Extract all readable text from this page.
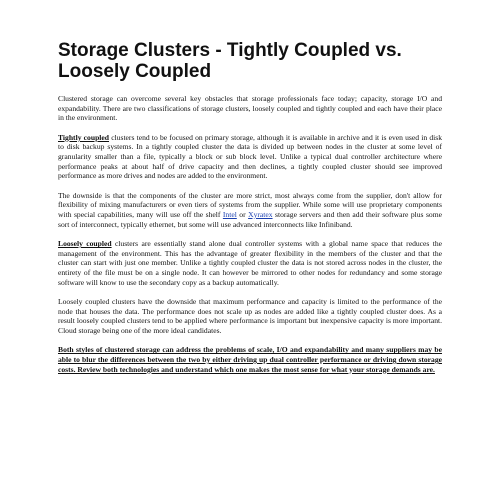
Storage Clusters - Tightly Coupled vs. Loosely Coupled

Clustered storage can overcome several key obstacles that storage professionals face today; capacity, storage I/O and expandability. There are two classifications of storage clusters, loosely coupled and tightly coupled and each have their place in the environment.

Tightly coupled clusters tend to be focused on primary storage, although it is available in archive and it is even used in disk to disk backup systems. In a tightly coupled cluster the data is divided up between nodes in the cluster at some level of granularity smaller than a file, typically a block or sub block level. Unlike a typical dual controller architecture where performance peaks at about half of drive capacity and then declines, a tightly coupled cluster should see improved performance as more drives and nodes are added to the environment.

The downside is that the components of the cluster are more strict, most always come from the supplier, don't allow for flexibility of mixing manufacturers or even tiers of systems from the supplier. While some will use proprietary components with special capabilities, many will use off the shelf Intel or Xyratex storage servers and then add their software plus some sort of interconnect, typically ethernet, but some will use advanced interconnects like Infiniband.

Loosely coupled clusters are essentially stand alone dual controller systems with a global name space that reduces the management of the environment. This has the advantage of greater flexibility in the members of the cluster and that the cluster can start with just one member. Unlike a tightly coupled cluster the data is not stored across nodes in the cluster, the entirety of the file must be on a single node. It can however be mirrored to other nodes for redundancy and some storage software will know to use the secondary copy as a backup automatically.

Loosely coupled clusters have the downside that maximum performance and capacity is limited to the performance of the node that houses the data. The performance does not scale up as nodes are added like a tightly coupled cluster does. As a result loosely coupled clusters tend to be applied where performance is important but inexpensive capacity is more important. Cloud storage being one of the more ideal candidates.

Both styles of clustered storage can address the problems of scale, I/O and expandability and many suppliers may be able to blur the differences between the two by either driving up dual controller performance or driving down storage costs. Review both technologies and understand which one makes the most sense for what your storage demands are.
